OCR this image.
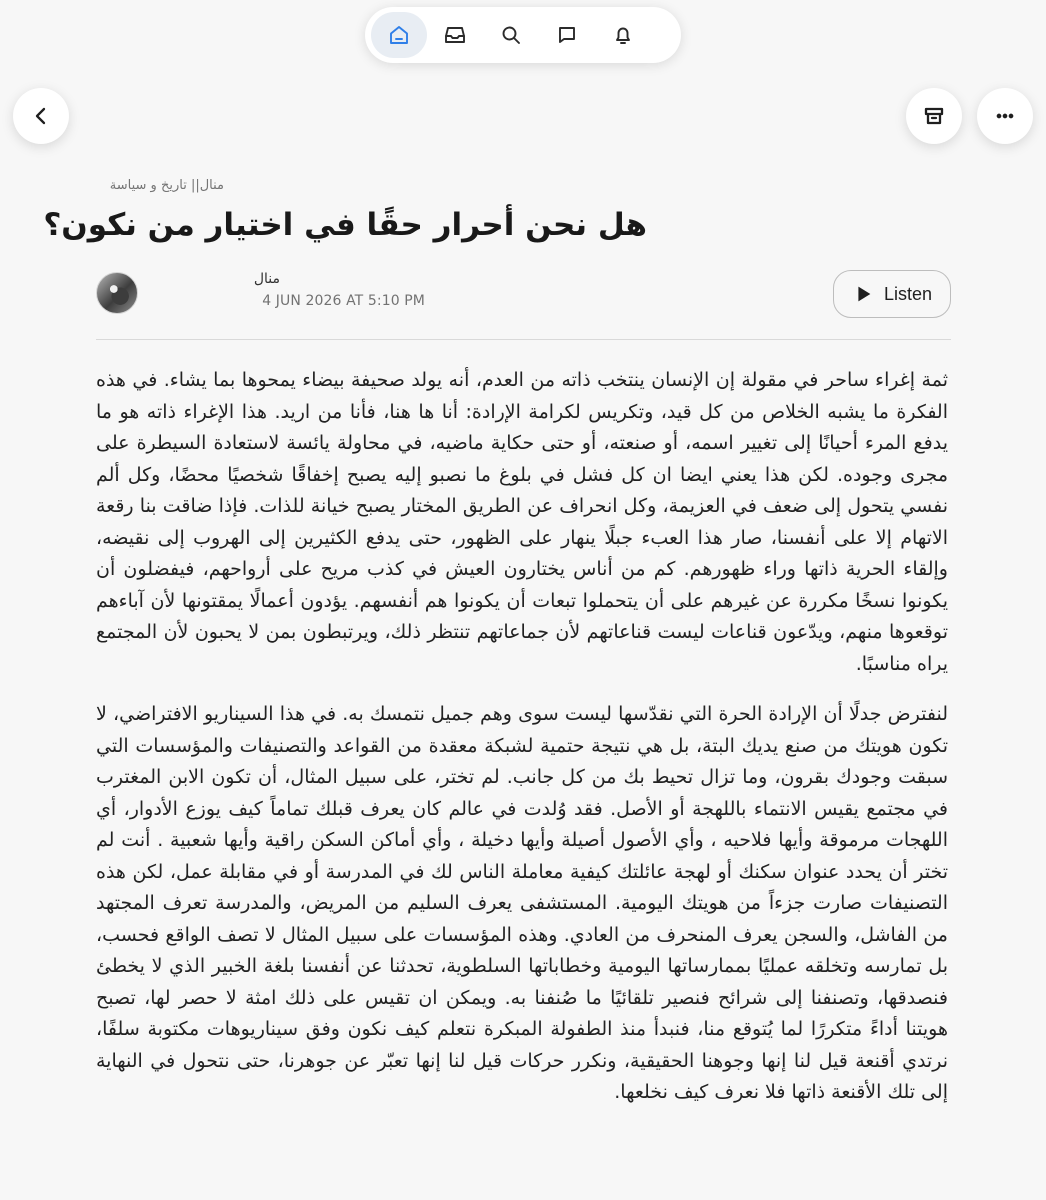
منال|| تاريخ و سياسة
هل نحن أحرار حقًا في اختيار من نكون؟
منال
4 JUN 2026 AT 5:10 PM	Listen

ثمة إغراء ساحر في مقولة إن الإنسان ينتخب ذاته من العدم، أنه يولد صحيفة بيضاء يمحوها بما يشاء. في هذه الفكرة ما يشبه الخلاص من كل قيد، وتكريس لكرامة الإرادة: أنا ها هنا، فأنا من اريد. هذا الإغراء ذاته هو ما يدفع المرء أحيانًا إلى تغيير اسمه، أو صنعته، أو حتى حكاية ماضيه، في محاولة يائسة لاستعادة السيطرة على مجرى وجوده. لكن هذا يعني ايضا ان كل فشل في بلوغ ما نصبو إليه يصبح إخفاقًا شخصيًا محضًا، وكل ألم نفسي يتحول إلى ضعف في العزيمة، وكل انحراف عن الطريق المختار يصبح خيانة للذات. فإذا ضاقت بنا رقعة الاتهام إلا على أنفسنا، صار هذا العبء جبلًا ينهار على الظهور، حتى يدفع الكثيرين إلى الهروب إلى نقيضه، وإلقاء الحرية ذاتها وراء ظهورهم. كم من أناس يختارون العيش في كذب مريح على أرواحهم، فيفضلون أن يكونوا نسخًا مكررة عن غيرهم على أن يتحملوا تبعات أن يكونوا هم أنفسهم. يؤدون أعمالًا يمقتونها لأن آباءهم توقعوها منهم، ويدّعون قناعات ليست قناعاتهم لأن جماعاتهم تنتظر ذلك، ويرتبطون بمن لا يحبون لأن المجتمع يراه مناسبًا.

لنفترض جدلًا أن الإرادة الحرة التي نقدّسها ليست سوى وهم جميل نتمسك به. في هذا السيناريو الافتراضي، لا تكون هويتك من صنع يديك البتة، بل هي نتيجة حتمية لشبكة معقدة من القواعد والتصنيفات والمؤسسات التي سبقت وجودك بقرون، وما تزال تحيط بك من كل جانب. لم تختر، على سبيل المثال، أن تكون الابن المغترب في مجتمع يقيس الانتماء باللهجة أو الأصل. فقد وُلدت في عالم كان يعرف قبلك تماماً كيف يوزع الأدوار، أي اللهجات مرموقة وأيها فلاحيه ، وأي الأصول أصيلة وأيها دخيلة ، وأي أماكن السكن راقية وأيها شعبية . أنت لم تختر أن يحدد عنوان سكنك أو لهجة عائلتك كيفية معاملة الناس لك في المدرسة أو في مقابلة عمل، لكن هذه التصنيفات صارت جزءاً من هويتك اليومية. المستشفى يعرف السليم من المريض، والمدرسة تعرف المجتهد من الفاشل، والسجن يعرف المنحرف من العادي. وهذه المؤسسات على سبيل المثال لا تصف الواقع فحسب، بل تمارسه وتخلقه عمليًا بممارساتها اليومية وخطاباتها السلطوية، تحدثنا عن أنفسنا بلغة الخبير الذي لا يخطئ فنصدقها، وتصنفنا إلى شرائح فنصير تلقائيًا ما صُنفنا به. ويمكن ان تقيس على ذلك امثة لا حصر لها، تصبح هويتنا أداءً متكررًا لما يُتوقع منا، فنبدأ منذ الطفولة المبكرة نتعلم كيف نكون وفق سيناريوهات مكتوبة سلفًا، نرتدي أقنعة قيل لنا إنها وجوهنا الحقيقية، ونكرر حركات قيل لنا إنها تعبّر عن جوهرنا، حتى نتحول في النهاية إلى تلك الأقنعة ذاتها فلا نعرف كيف نخلعها.
